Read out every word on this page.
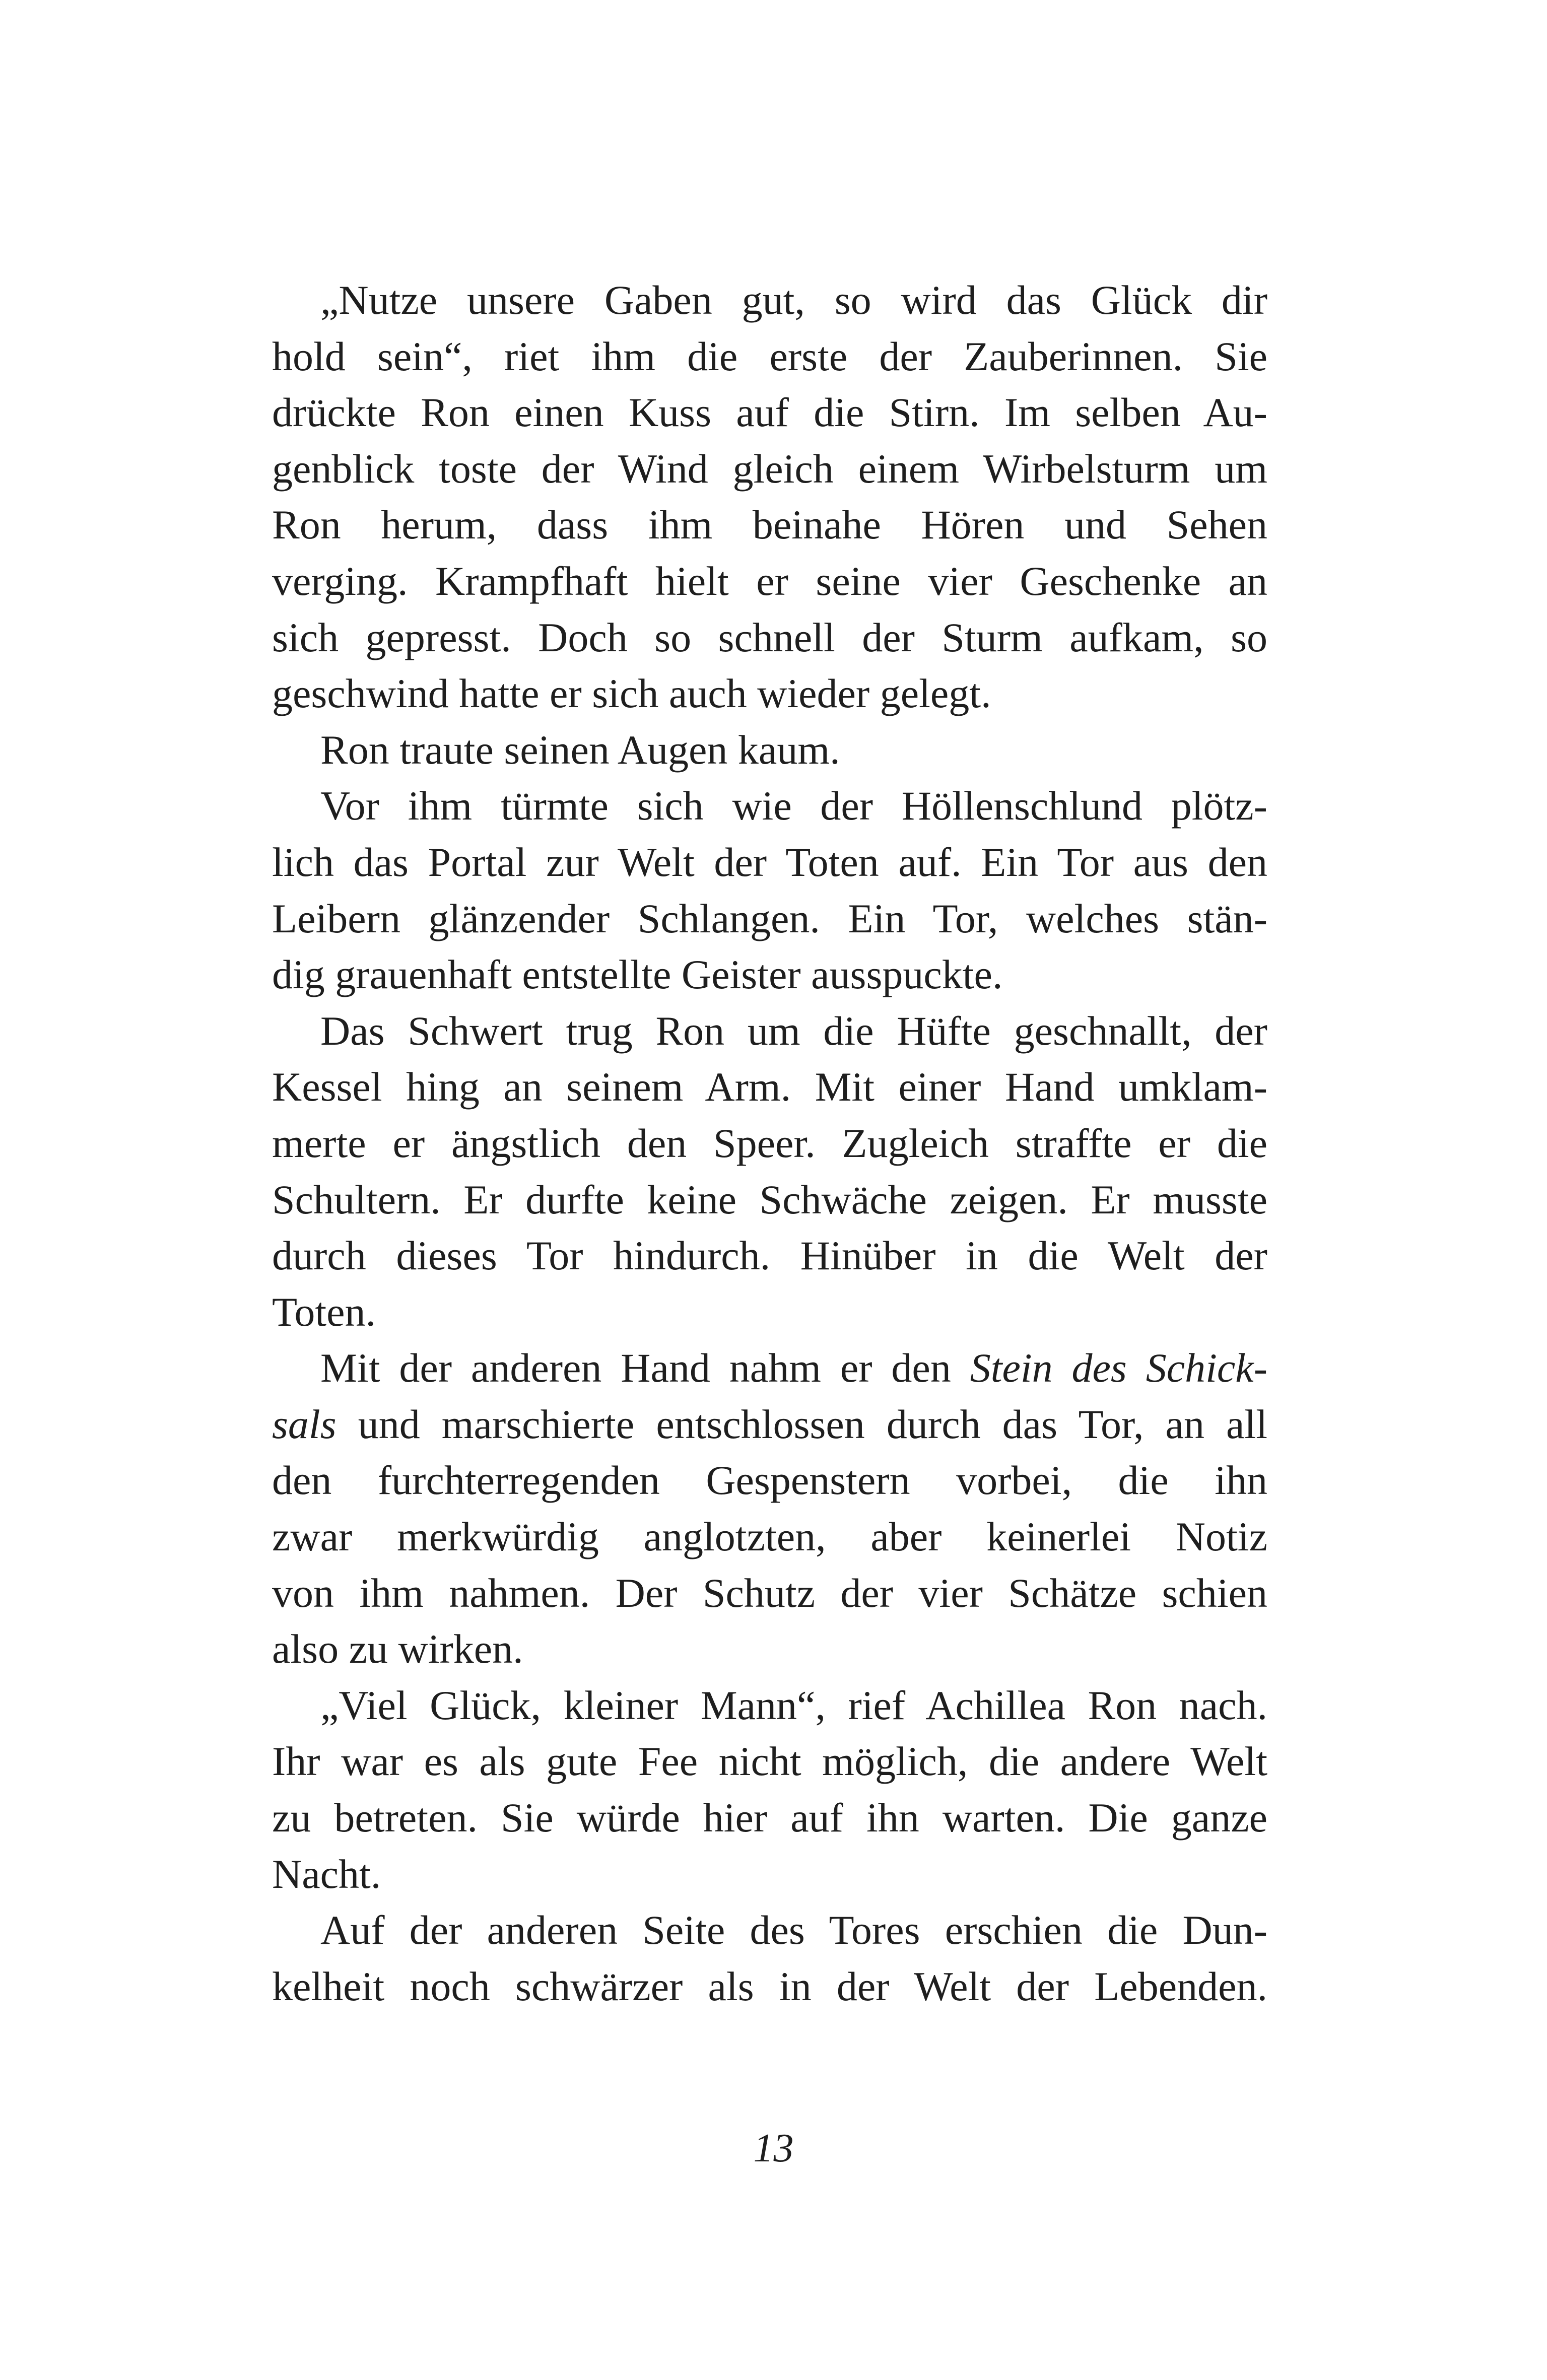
„Nutze unsere Gaben gut, so wird das Glück dir
hold sein“, riet ihm die erste der Zauberinnen. Sie
drückte Ron einen Kuss auf die Stirn. Im selben Au-
genblick toste der Wind gleich einem Wirbelsturm um
Ron herum, dass ihm beinahe Hören und Sehen
verging. Krampfhaft hielt er seine vier Geschenke an
sich gepresst. Doch so schnell der Sturm aufkam, so
geschwind hatte er sich auch wieder gelegt.
Ron traute seinen Augen kaum.
Vor ihm türmte sich wie der Höllenschlund plötz-
lich das Portal zur Welt der Toten auf. Ein Tor aus den
Leibern glänzender Schlangen. Ein Tor, welches stän-
dig grauenhaft entstellte Geister ausspuckte.
Das Schwert trug Ron um die Hüfte geschnallt, der
Kessel hing an seinem Arm. Mit einer Hand umklam-
merte er ängstlich den Speer. Zugleich straffte er die
Schultern. Er durfte keine Schwäche zeigen. Er musste
durch dieses Tor hindurch. Hinüber in die Welt der
Toten.
Mit der anderen Hand nahm er den Stein des Schick-
sals und marschierte entschlossen durch das Tor, an all
den furchterregenden Gespenstern vorbei, die ihn
zwar merkwürdig anglotzten, aber keinerlei Notiz
von ihm nahmen. Der Schutz der vier Schätze schien
also zu wirken.
„Viel Glück, kleiner Mann“, rief Achillea Ron nach.
Ihr war es als gute Fee nicht möglich, die andere Welt
zu betreten. Sie würde hier auf ihn warten. Die ganze
Nacht.
Auf der anderen Seite des Tores erschien die Dun-
kelheit noch schwärzer als in der Welt der Lebenden.
13
